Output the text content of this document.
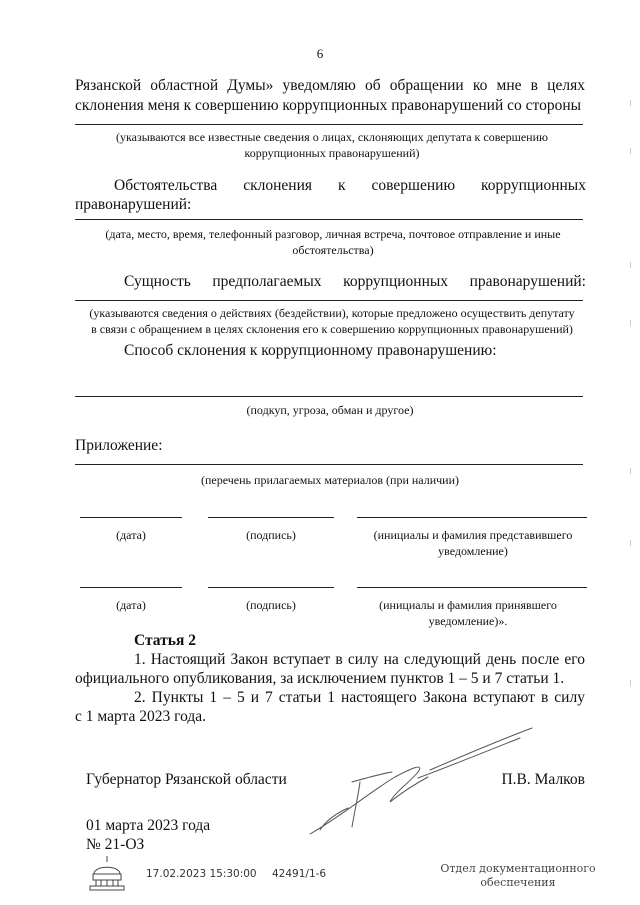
6
Рязанской областной Думы» уведомляю об обращении ко мне в целях
склонения меня к совершению коррупционных правонарушений со стороны
(указываются все известные сведения о лицах, склоняющих депутата к совершению коррупционных правонарушений)
Обстоятельства склонения к совершению коррупционных
правонарушений:
(дата, место, время, телефонный разговор, личная встреча, почтовое отправление и иные обстоятельства)
Сущность предполагаемых коррупционных правонарушений:
(указываются сведения о действиях (бездействии), которые предложено осуществить депутату в связи с обращением в целях склонения его к совершению коррупционных правонарушений)
Способ склонения к коррупционному правонарушению:
(подкуп, угроза, обман и другое)
Приложение:
(перечень прилагаемых материалов (при наличии)
(дата)	(подпись)	(инициалы и фамилия представившего уведомление)
(дата)	(подпись)	(инициалы и фамилия принявшего уведомление)».
Статья 2
1. Настоящий Закон вступает в силу на следующий день после его
официального опубликования, за исключением пунктов 1 – 5 и 7 статьи 1.
2. Пункты 1 – 5 и 7 статьи 1 настоящего Закона вступают в силу
с 1 марта 2023 года.
Губернатор Рязанской области	П.В. Малков
01 марта 2023 года
№ 21-ОЗ
17.02.2023 15:30:00 42491/1-6	Отдел документационного
обеспечения
